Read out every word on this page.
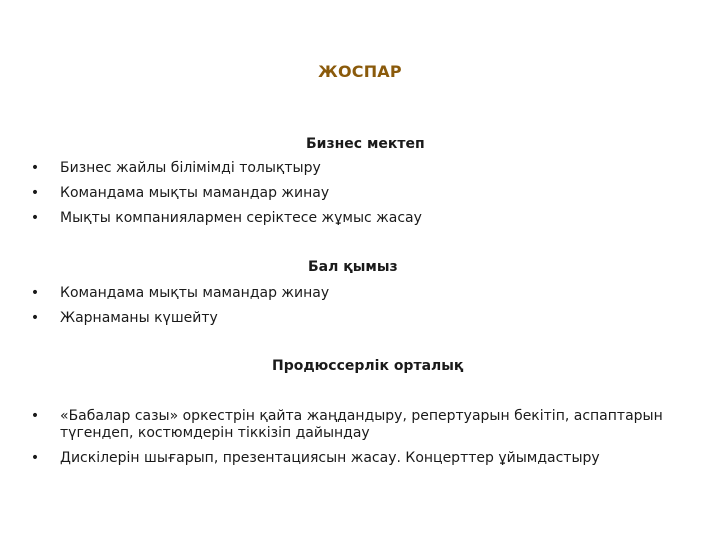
ЖОСПАР
Бизнес мектеп
• Бизнес жайлы білімімді толықтыру
• Командама мықты мамандар жинау
• Мықты компаниялармен серіктесе жұмыс жасау
Бал қымыз
• Командама мықты мамандар жинау
• Жарнаманы күшейту
Продюссерлік орталық
• «Бабалар сазы» оркестрін қайта жаңдандыру, репертуарын бекітіп, аспаптарын түгендеп, костюмдерін тіккізіп дайындау
• Дискілерін шығарып, презентациясын жасау. Концерттер ұйымдастыру
